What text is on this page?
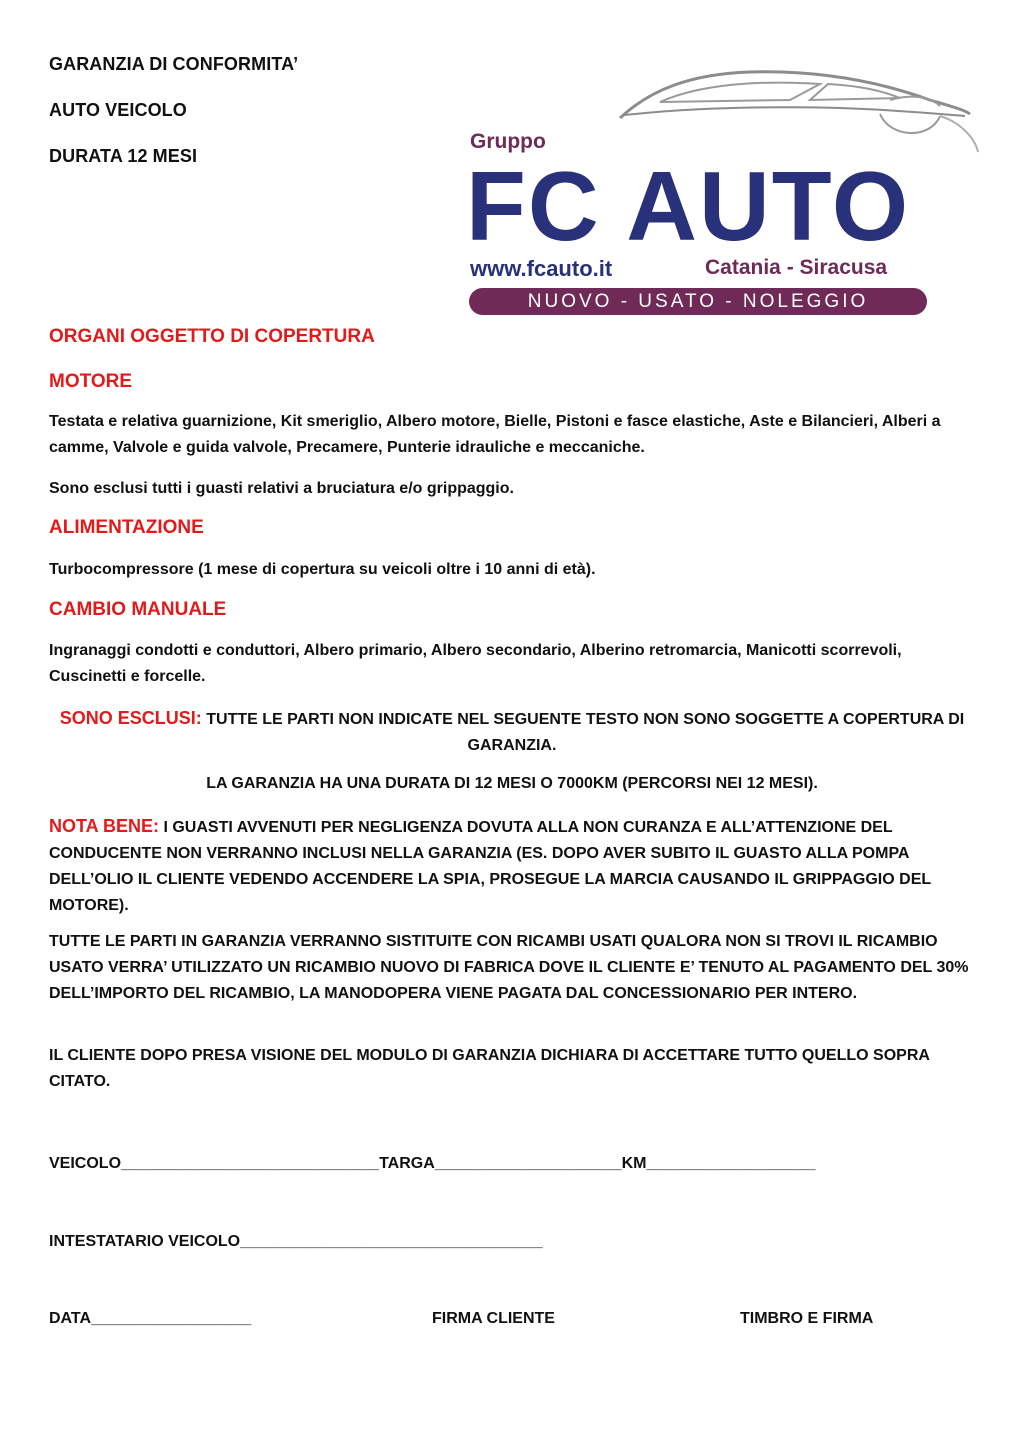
GARANZIA DI CONFORMITA’
AUTO VEICOLO
DURATA 12 MESI
Gruppo
FC AUTO
www.fcauto.it	Catania - Siracusa
NUOVO - USATO - NOLEGGIO
ORGANI OGGETTO DI COPERTURA
MOTORE
Testata e relativa guarnizione, Kit smeriglio, Albero motore, Bielle, Pistoni e fasce elastiche, Aste e Bilancieri, Alberi a camme, Valvole e guida valvole, Precamere, Punterie idrauliche e meccaniche.
Sono esclusi tutti i guasti relativi a bruciatura e/o grippaggio.
ALIMENTAZIONE
Turbocompressore (1 mese di copertura su veicoli oltre i 10 anni di età).
CAMBIO MANUALE
Ingranaggi condotti e conduttori, Albero primario, Albero secondario, Alberino retromarcia, Manicotti scorrevoli, Cuscinetti e forcelle.
SONO ESCLUSI: TUTTE LE PARTI NON INDICATE NEL SEGUENTE TESTO NON SONO SOGGETTE A COPERTURA DI GARANZIA.
LA GARANZIA HA UNA DURATA DI 12 MESI O 7000KM (PERCORSI NEI 12 MESI).
NOTA BENE: I GUASTI AVVENUTI PER NEGLIGENZA DOVUTA ALLA NON CURANZA E ALL’ATTENZIONE DEL CONDUCENTE NON VERRANNO INCLUSI NELLA GARANZIA (ES. DOPO AVER SUBITO IL GUASTO ALLA POMPA DELL’OLIO IL CLIENTE VEDENDO ACCENDERE LA SPIA, PROSEGUE LA MARCIA CAUSANDO IL GRIPPAGGIO DEL MOTORE).
TUTTE LE PARTI IN GARANZIA VERRANNO SISTITUITE CON RICAMBI USATI QUALORA NON SI TROVI IL RICAMBIO USATO VERRA’ UTILIZZATO UN RICAMBIO NUOVO DI FABRICA DOVE IL CLIENTE E’ TENUTO AL PAGAMENTO DEL 30% DELL’IMPORTO DEL RICAMBIO, LA MANODOPERA VIENE PAGATA DAL CONCESSIONARIO PER INTERO.
IL CLIENTE DOPO PRESA VISIONE DEL MODULO DI GARANZIA DICHIARA DI ACCETTARE TUTTO QUELLO SOPRA CITATO.
VEICOLO_____________________________TARGA_____________________KM___________________
INTESTATARIO VEICOLO__________________________________
DATA__________________	FIRMA CLIENTE	TIMBRO E FIRMA
